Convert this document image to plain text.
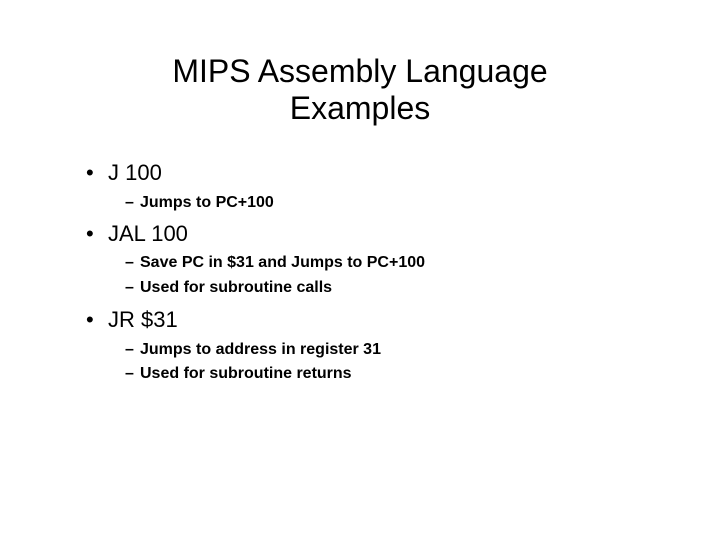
MIPS Assembly Language
Examples
• J 100
– Jumps to PC+100
• JAL 100
– Save PC in $31 and Jumps to PC+100
– Used for subroutine calls
• JR $31
– Jumps to address in register 31
– Used for subroutine returns
